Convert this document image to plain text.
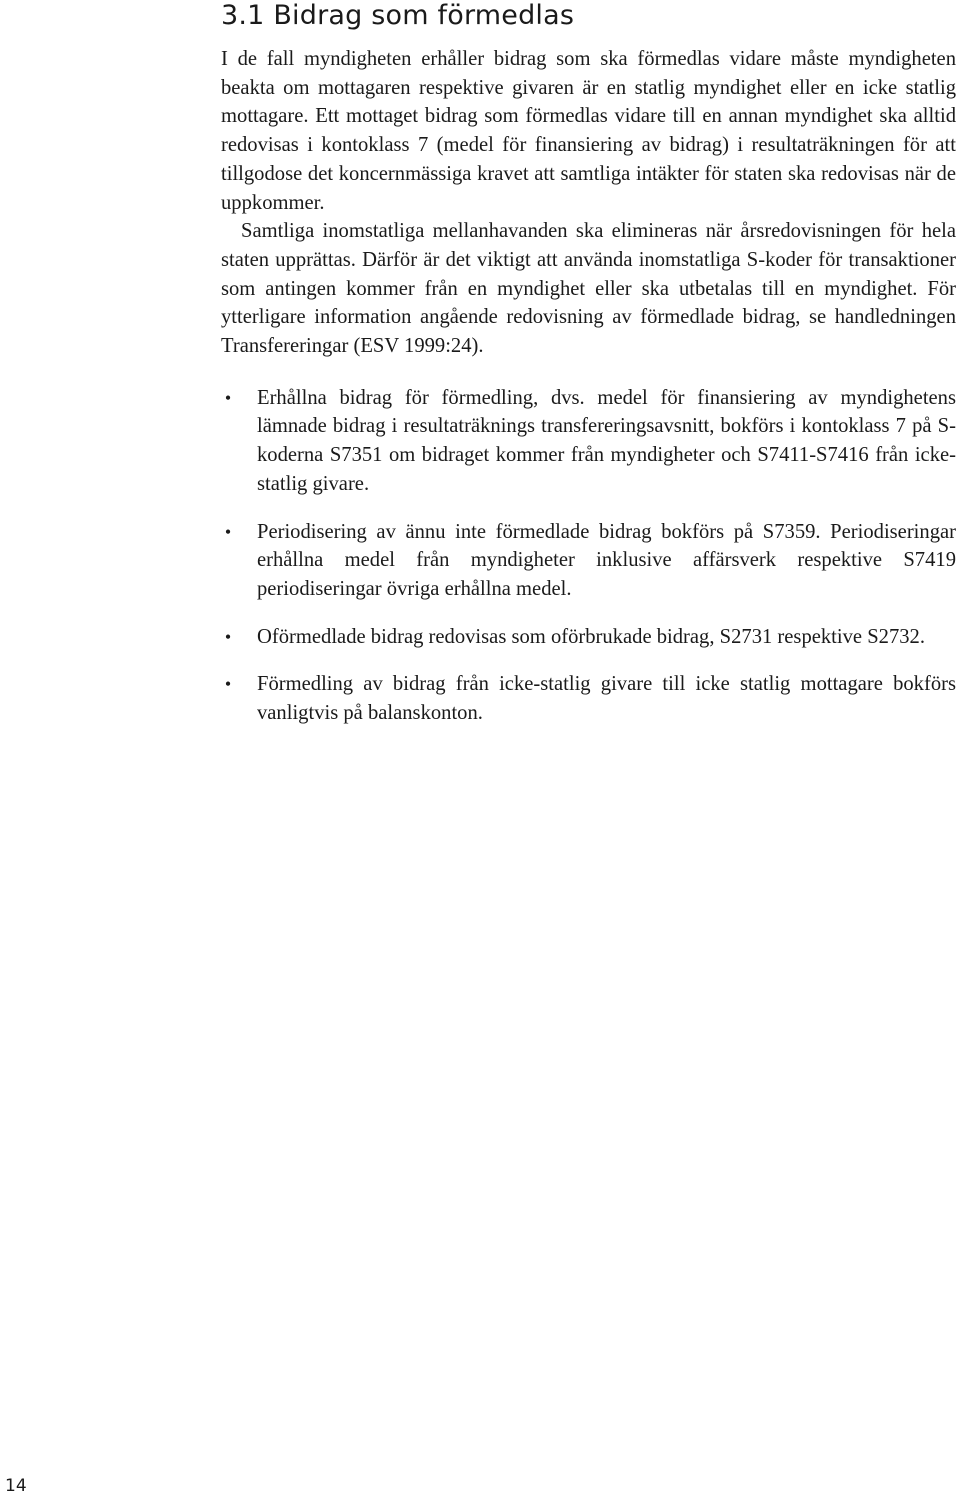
3.1 Bidrag som förmedlas

I de fall myndigheten erhåller bidrag som ska förmedlas vidare måste myndigheten beakta om mottagaren respektive givaren är en statlig myndighet eller en icke statlig mottagare. Ett mottaget bidrag som förmedlas vidare till en annan myndighet ska alltid redovisas i kontoklass 7 (medel för finansiering av bidrag) i resultaträkningen för att tillgodose det koncernmässiga kravet att samtliga intäkter för staten ska redovisas när de uppkommer.

Samtliga inomstatliga mellanhavanden ska elimineras när årsredovisningen för hela staten upprättas. Därför är det viktigt att använda inomstatliga S-koder för transaktioner som antingen kommer från en myndighet eller ska utbetalas till en myndighet. För ytterligare information angående redovisning av förmedlade bidrag, se handledningen Transfereringar (ESV 1999:24).

• Erhållna bidrag för förmedling, dvs. medel för finansiering av myndighetens lämnade bidrag i resultaträknings transfereringsavsnitt, bokförs i kontoklass 7 på S-koderna S7351 om bidraget kommer från myndigheter och S7411-S7416 från icke-statlig givare.
• Periodisering av ännu inte förmedlade bidrag bokförs på S7359. Periodiseringar erhållna medel från myndigheter inklusive affärsverk respektive S7419 periodiseringar övriga erhållna medel.
• Oförmedlade bidrag redovisas som oförbrukade bidrag, S2731 respektive S2732.
• Förmedling av bidrag från icke-statlig givare till icke statlig mottagare bokförs vanligtvis på balanskonton.

14
